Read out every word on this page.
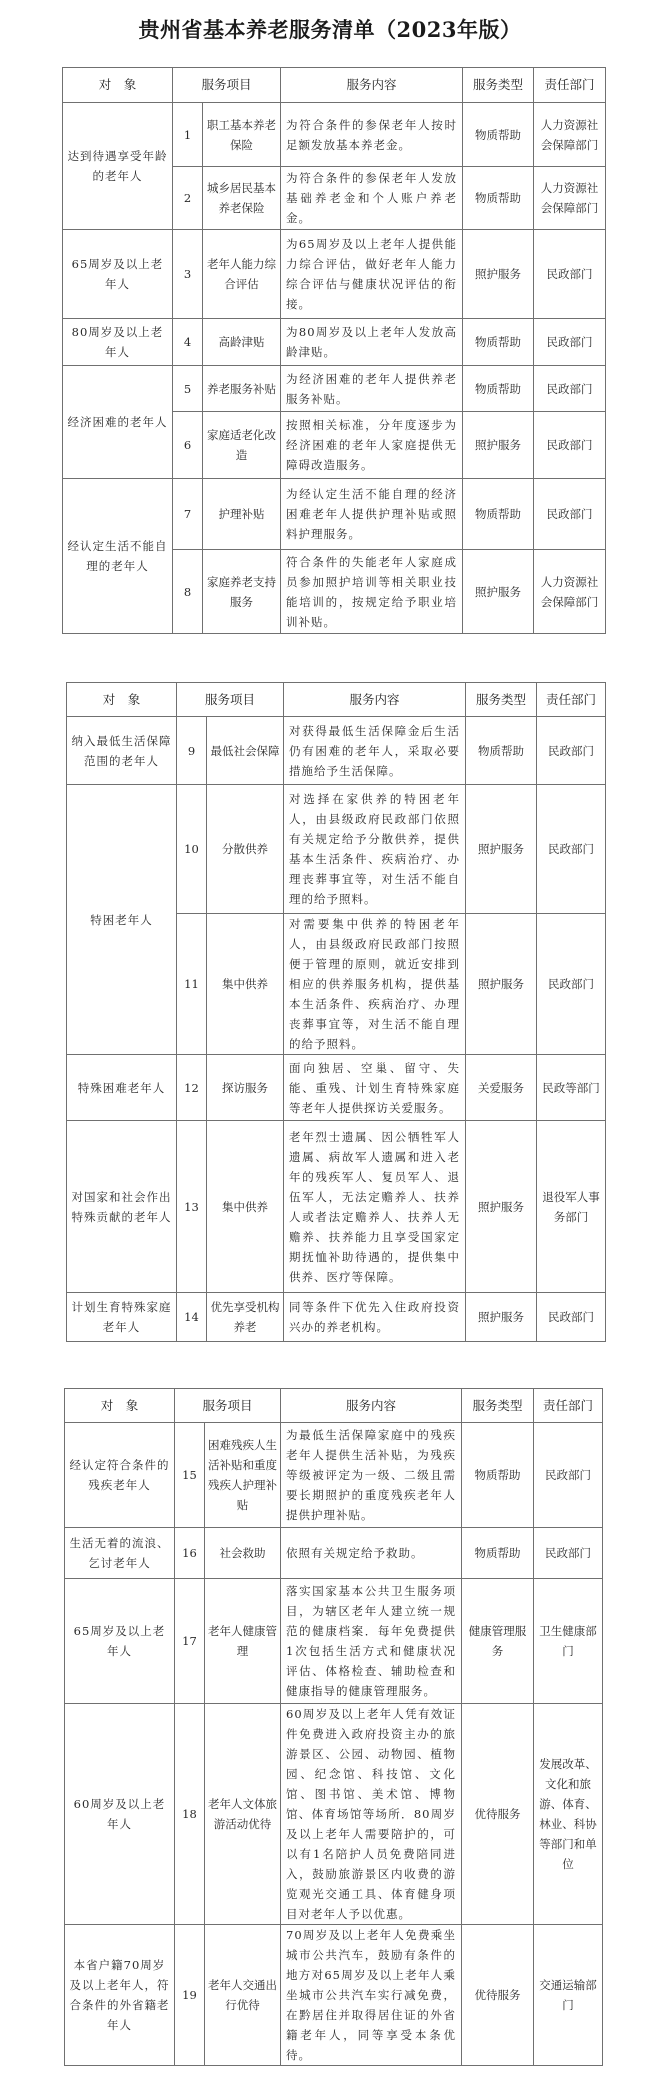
贵州省基本养老服务清单（2023年版）
对　象	服务项目		服务内容	服务类型	责任部门
达到待遇享受年龄的老年人	1	职工基本养老保险	为符合条件的参保老年人按时足额发放基本养老金。	物质帮助	人力资源社会保障部门
	2	城乡居民基本养老保险	为符合条件的参保老年人发放基础养老金和个人账户养老金。	物质帮助	人力资源社会保障部门
65周岁及以上老年人	3	老年人能力综合评估	为65周岁及以上老年人提供能力综合评估，做好老年人能力综合评估与健康状况评估的衔接。	照护服务	民政部门
80周岁及以上老年人	4	高龄津贴	为80周岁及以上老年人发放高龄津贴。	物质帮助	民政部门
经济困难的老年人	5	养老服务补贴	为经济困难的老年人提供养老服务补贴。	物质帮助	民政部门
	6	家庭适老化改造	按照相关标准，分年度逐步为经济困难的老年人家庭提供无障碍改造服务。	照护服务	民政部门
经认定生活不能自理的老年人	7	护理补贴	为经认定生活不能自理的经济困难老年人提供护理补贴或照料护理服务。	物质帮助	民政部门
	8	家庭养老支持服务	符合条件的失能老年人家庭成员参加照护培训等相关职业技能培训的，按规定给予职业培训补贴。	照护服务	人力资源社会保障部门
对　象	服务项目		服务内容	服务类型	责任部门
纳入最低生活保障范围的老年人	9	最低社会保障	对获得最低生活保障金后生活仍有困难的老年人，采取必要措施给予生活保障。	物质帮助	民政部门
特困老年人	10	分散供养	对选择在家供养的特困老年人，由县级政府民政部门依照有关规定给予分散供养，提供基本生活条件、疾病治疗、办理丧葬事宜等，对生活不能自理的给予照料。	照护服务	民政部门
	11	集中供养	对需要集中供养的特困老年人，由县级政府民政部门按照便于管理的原则，就近安排到相应的供养服务机构，提供基本生活条件、疾病治疗、办理丧葬事宜等，对生活不能自理的给予照料。	照护服务	民政部门
特殊困难老年人	12	探访服务	面向独居、空巢、留守、失能、重残、计划生育特殊家庭等老年人提供探访关爱服务。	关爱服务	民政等部门
对国家和社会作出特殊贡献的老年人	13	集中供养	老年烈士遗属、因公牺牲军人遗属、病故军人遗属和进入老年的残疾军人、复员军人、退伍军人，无法定赡养人、扶养人或者法定赡养人、扶养人无赡养、扶养能力且享受国家定期抚恤补助待遇的，提供集中供养、医疗等保障。	照护服务	退役军人事务部门
计划生育特殊家庭老年人	14	优先享受机构养老	同等条件下优先入住政府投资兴办的养老机构。	照护服务	民政部门
对　象	服务项目		服务内容	服务类型	责任部门
经认定符合条件的残疾老年人	15	困难残疾人生活补贴和重度残疾人护理补贴	为最低生活保障家庭中的残疾老年人提供生活补贴，为残疾等级被评定为一级、二级且需要长期照护的重度残疾老年人提供护理补贴。	物质帮助	民政部门
生活无着的流浪、乞讨老年人	16	社会救助	依照有关规定给予救助。	物质帮助	民政部门
65周岁及以上老年人	17	老年人健康管理	落实国家基本公共卫生服务项目，为辖区老年人建立统一规范的健康档案．每年免费提供1次包括生活方式和健康状况评估、体格检查、辅助检查和健康指导的健康管理服务。	健康管理服务	卫生健康部门
60周岁及以上老年人	18	老年人文体旅游活动优待	60周岁及以上老年人凭有效证件免费进入政府投资主办的旅游景区、公园、动物园、植物园、纪念馆、科技馆、文化馆、图书馆、美术馆、博物馆、体育场馆等场所．80周岁及以上老年人需要陪护的，可以有1名陪护人员免费陪同进入，鼓励旅游景区内收费的游览观光交通工具、体育健身项目对老年人予以优惠。	优待服务	发展改革、文化和旅游、体育、林业、科协等部门和单位
本省户籍70周岁及以上老年人，符合条件的外省籍老年人	19	老年人交通出行优待	70周岁及以上老年人免费乘坐城市公共汽车，鼓励有条件的地方对65周岁及以上老年人乘坐城市公共汽车实行减免费，在黔居住并取得居住证的外省籍老年人，同等享受本条优待。	优待服务	交通运输部门
